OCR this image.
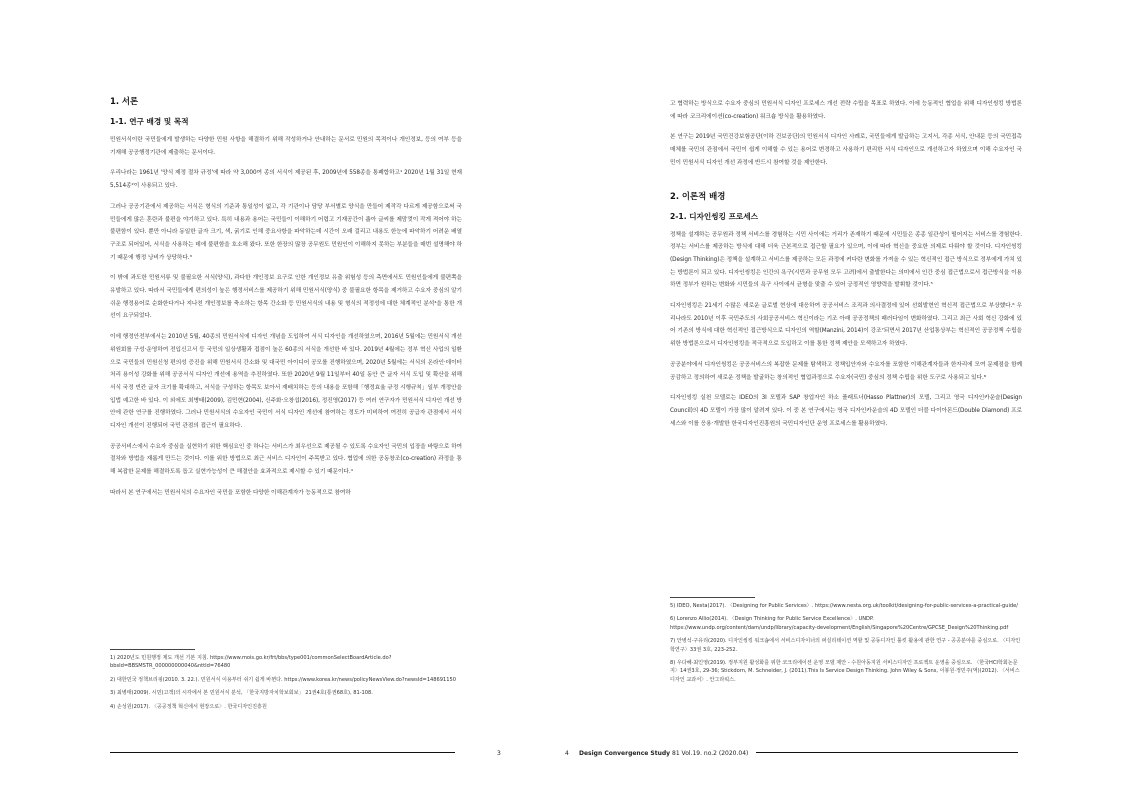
1. 서론
1-1. 연구 배경 및 목적

민원서식이란 국민들에게 발생하는 다양한 민원 사항을 해결하기 위해 작성하거나 안내하는 문서로 민원의 목적이나 개인정보, 등의 여부 등을 기재해 공공행정기관에 제출하는 문서이다.

우리나라는 1961년 '양식 제정 절차 규정'에 따라 약 3,000여 종의 서식이 제공된 후, 2009년에 558종을 통폐합하고¹ 2020년 1월 31일 현재 5,514종²이 사용되고 있다.

그러나 공공기관에서 제공하는 서식은 형식의 기준과 통일성이 없고, 각 기관이나 담당 부서별로 양식을 만들어 제작각 다르게 제공함으로써 국민들에게 많은 혼란과 불편을 야기하고 있다. 특히 내용과 용어는 국민들이 이해하기 어렵고 기재공간이 좁아 글씨를 제맘껏이 작게 적어야 하는 불편함이 있다. 뿐만 아니라 동일한 글자 크기, 색, 굵기로 인해 중요사항을 파악하는데 시간이 오래 걸리고 내용도 한눈에 파악하기 어려운 배열 구조로 되어있어, 서식을 사용하는 데에 불편함을 호소해 왔다. 또한 한장의 많장 공무원도 민원인이 이해하지 못하는 부분들을 매번 설명해야 하기 때문에 행정 낭비가 상당하다.³

이 밖에 과도한 민원서류 및 불필요한 서식(양식), 과다한 개인정보 요구로 인한 개인정보 유출 위험성 등의 측면에서도 민원인들에게 불편쪽을 유발하고 있다. 따라서 국민들에게 편의성이 높은 행정서비스를 제공하기 위해 민원서식(양식) 중 불필요한 항목을 제거하고 수요자 중심의 알기 쉬운 행정용어로 순화한다거나 지나친 개인정보를 축소하는 항목 간소화 등 민원서식의 내용 및 형식의 적정성에 대한 체계적인 분석⁴을 통한 개선이 요구되었다.

이에 행정안전부에서는 2010년 5월, 40종의 민원서식에 디자인 개념을 도입하여 서식 디자인을 개선하였으며, 2016년 5월에는 민원서식 개선 위원회를 구성·운영하여 전입신고서 등 국민의 일상생활과 접점이 높은 60종의 서식을 개선한 바 있다. 2019년 4월에는 정부 혁신 사업의 일환으로 국민들의 민원신청 편의성 증진을 위해 민원서식 간소화 및 대국민 아이디어 공모를 진행하였으며, 2020년 5월에는 서식의 온라인·데이터 처리 용이성 강화를 위해 공공서식 디자인 개선에 용역을 추진하였다. 또한 2020년 9월 11일부터 40일 동안 큰 글자 서식 도입 및 확산을 위해 서식 국정 빈칸 글자 크기를 확대하고, 서식을 구성하는 항목도 보아서 재배치하는 등의 내용을 포함해「행정효율 규정 시행규칙」일부 개정안을 입법 예고한 바 있다. 이 외에도 최병태(2009), 김민현(2004), 신주화·오창섭(2016), 정진영(2017) 등 여러 연구자가 민원서식 디자인 개선 방안에 관한 연구를 진행하였다. 그러나 민원서식의 수요자인 국민이 서식 디자인 개선에 참여하는 정도가 미비하여 여전히 공급자 관점에서 서식 디자인 개선이 진행되어 국민 관점의 접근이 필요하다.

공공서비스에서 수요자 중심을 실현하기 위한 핵심요인 중 하나는 서비스가 최우선으로 제공될 수 있도록 수요자인 국민의 입장을 바탕으로 하여 절차와 방법을 재롭게 만드는 것이다. 이를 위한 방법으로 최근 서비스 디자인이 주목받고 있다. 협업에 의한 공동창조(co-creation) 과정을 통해 복잡한 문제를 해결하도록 돕고 실현가능성이 큰 해결안을 효과적으로 제시할 수 있기 때문이다.⁴

따라서 본 연구에서는 민원서식의 수요자인 국민을 포함한 다양한 이해관계자가 능동적으로 참여하

1) 2020년도 민원행정 제도 개선 기본 지침. https://www.mois.go.kr/frt/bbs/type001/commonSelectBoardArticle.do?bbsId=BBSMSTR_000000000040&nttId=76480
2) 대한민국 정책브리핑(2010. 3. 22.). 민원서식 이용부터 쉬기 쉽게 바뀐다. https://www.korea.kr/news/policyNewsView.do?newsId=148691150
3) 최병태(2009). 시민(고객)의 시각에서 본 민원서식 분석, 「한국지방자치학보회보」 21권4호(통권68호), 81-108.
4) 손성원(2017). 〈공공정책 혁신에서 현장으로〉. 한국디자인진흥원
3

고 협력하는 방식으로 수요자 중심의 민원서식 디자인 프로세스 개선 전략 수립을 목표로 하였다. 이에 능동적인 협업을 위해 디자인씽킹 방법론에 따라 코크리에이션(co-creation) 워크숍 방식을 활용하였다.

본 연구는 2019년 국민건강보험공단(이하 건보공단)의 민원서식 디자인 사례로, 국민들에게 발급하는 고지서, 각종 서식, 안내문 등의 국민접촉매체를 국민의 관점에서 국민이 쉽게 이해할 수 있는 용어로 변경하고 사용하기 편리한 서식 디자인으로 개선하고자 하였으며 이해 수요자인 국민이 민원서식 디자인 개선 과정에 반드시 참여할 것을 제안한다.

2. 이론적 배경
2-1. 디자인씽킹 프로세스

정책을 설계하는 공무원과 정책 서비스를 경험하는 시민 사이에는 거리가 존재하기 때문에 시민들은 종종 일관성이 떨어지는 서비스를 경험한다. 정부는 서비스를 제공하는 방식에 대해 더욱 근본적으로 접근할 필요가 있으며, 이에 따라 혁신을 중요한 의제로 다뤄야 할 것이다. 디자인씽킹(Design Thinking)은 정책을 설계하고 서비스를 제공하는 모든 과정에 커다란 변화를 가져올 수 있는 혁신적인 접근 방식으로 정부에게 가치 있는 방법론이 되고 있다. 디자인씽킹은 인간의 욕구(시민과 공무원 모두 고려)에서 출발한다는 의미에서 인간 중심 접근법으로서 접근방식을 이용하면 정부가 원하는 변화와 시민들의 욕구 사이에서 균형을 맞출 수 있어 긍정적인 영향력을 발휘할 것이다.⁵

디자인씽킹은 21세기 수많은 새로운 글로벌 현상에 대응하여 공공서비스 조직과 의사결정에 있어 선회발현인 혁신적 접근법으로 부상했다.⁶ 우리나라도 2010년 이후 국민주도의 사회공공서비스 혁신이라는 기조 아래 공공정책의 패러다임이 변화하였다. 그리고 최근 사회 혁신 강화에 있어 기존의 방식에 대한 혁신적인 접근방식으로 디자인의 역할(Manzini, 2014)이 강조⁷되면서 2017년 산업통상부는 혁신적인 공공정책 수립을 위한 방법론으로서 디자인씽킹을 적극적으로 도입하고 이를 통한 정책 제안을 모색하고자 하였다.

공공분야에서 디자인씽킹은 공공서비스의 복잡한 문제를 탐색하고 정책입안자와 수요자를 포함한 이해관계자들과 한자리에 모여 문제점을 함께 공감하고 정의하여 새로운 정책을 발굴하는 창의적인 협업과정으로 수요자(국민) 중심의 정책 수립을 위한 도구로 사용되고 있다.⁸

디자인씽킹 실천 모델로는 IDEO의 3I 모델과 SAP 창업자인 하소 플래트너(Hasso Plattner)의 모델, 그리고 영국 디자인카운슬(Design Council)의 4D 모델이 가장 많이 알려져 있다. 이 중 본 연구에서는 영국 디자인카운슬의 4D 모델인 더블 다이아몬드(Double Diamond) 프로세스와 이를 응용·개발한 한국디자인진흥원의 국민디자인단 운영 프로세스를 활용하였다.

5) IDEO, Nesta(2017). 〈Designing for Public Services〉. https://www.nesta.org.uk/toolkit/designing-for-public-services-a-practical-guide/
6) Lorenzo Allio(2014). 〈Design Thinking for Public Service Excellence〉. UNDP. https://www.undp.org/content/dam/undp/library/capacity-development/English/Singapore%20Centre/GPCSE_Design%20Thinking.pdf
7) 안병석·구유리(2020). 디자인씽킹 워크숍에서 서비스디자이너의 퍼실리테이션 역할 및 공동디자인 툴킷 활용에 관한 연구 - 공공분야를 중심으로. 〈디자인학연구〉33권 3호, 223-252.
8) 우다혜·최인영(2019). 정부지원 활성화를 위한 코크리에이션 운영 모델 제안 - 수원아동지원 서비스디자인 프로젝트 운영을 중심으로. 〈한국HCI학회논문지〉14권3호, 29-36; Stickdorn, M. Schneider, J. (2011).This Is Service Design Thinking. John Wiley & Sons, 이봉원·정민주(역)(2012). 〈서비스디자인 교과서〉. 안그라픽스.
4 Design Convergence Study 81 Vol.19. no.2 (2020.04)
